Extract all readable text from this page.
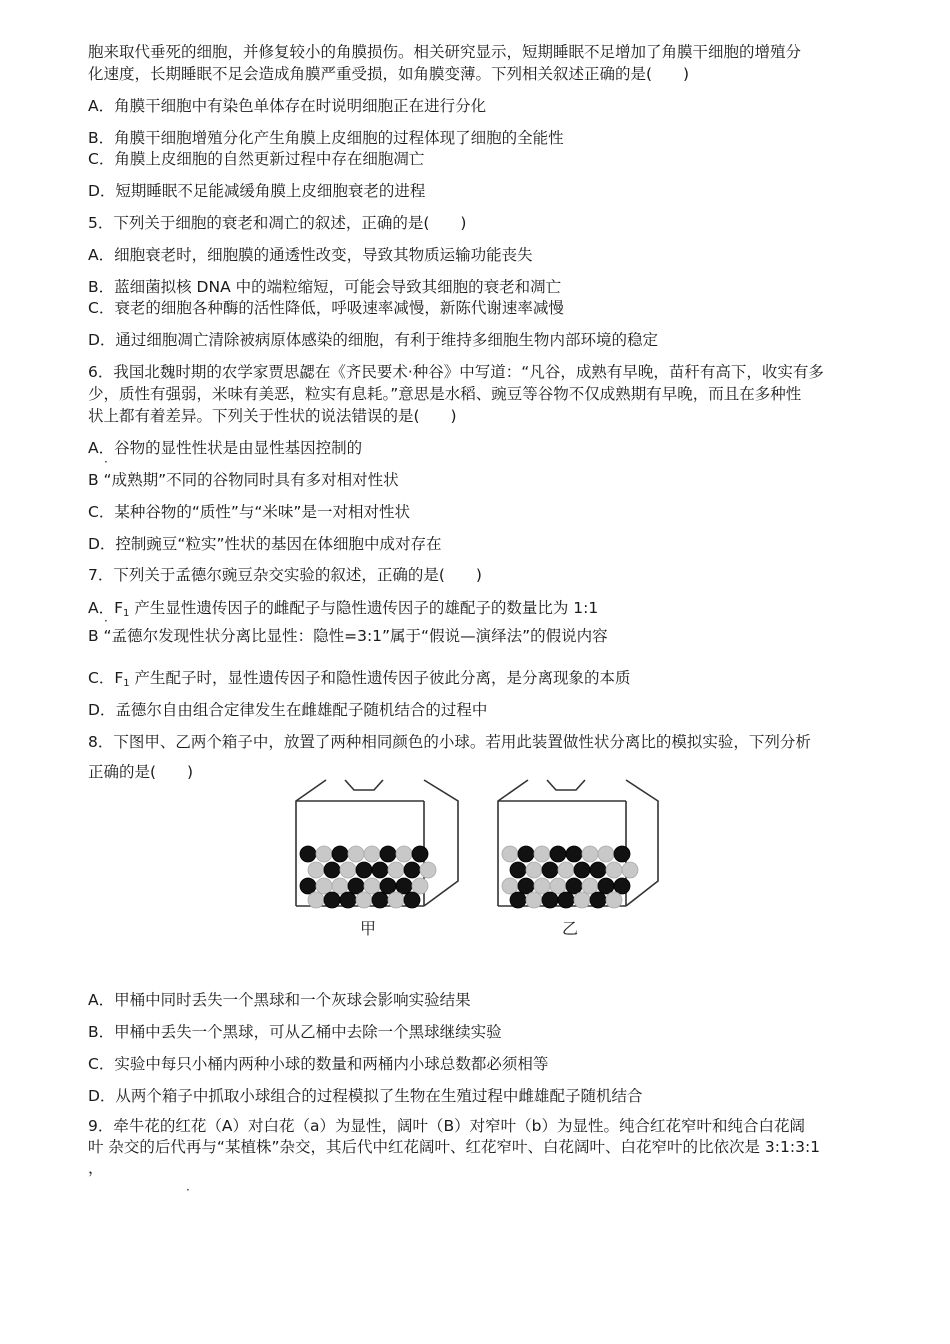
胞来取代垂死的细胞，并修复较小的角膜损伤。相关研究显示，短期睡眠不足增加了角膜干细胞的增殖分
化速度，长期睡眠不足会造成角膜严重受损，如角膜变薄。下列相关叙述正确的是(　　)
A．角膜干细胞中有染色单体存在时说明细胞正在进行分化
B．角膜干细胞增殖分化产生角膜上皮细胞的过程体现了细胞的全能性
C．角膜上皮细胞的自然更新过程中存在细胞凋亡
D．短期睡眠不足能减缓角膜上皮细胞衰老的进程
5．下列关于细胞的衰老和凋亡的叙述，正确的是(　　)
A．细胞衰老时，细胞膜的通透性改变，导致其物质运输功能丧失
B．蓝细菌拟核 DNA 中的端粒缩短，可能会导致其细胞的衰老和凋亡
C．衰老的细胞各种酶的活性降低，呼吸速率减慢，新陈代谢速率减慢
D．通过细胞凋亡清除被病原体感染的细胞，有利于维持多细胞生物内部环境的稳定
6．我国北魏时期的农学家贾思勰在《齐民要术·种谷》中写道：“凡谷，成熟有早晚，苗秆有高下，收实有多
少，质性有强弱，米味有美恶，粒实有息耗。”意思是水稻、豌豆等谷物不仅成熟期有早晚，而且在多种性
状上都有着差异。下列关于性状的说法错误的是(　　)
A．谷物的显性性状是由显性基因控制的
·
B “成熟期”不同的谷物同时具有多对相对性状
C．某种谷物的“质性”与“米味”是一对相对性状
D．控制豌豆“粒实”性状的基因在体细胞中成对存在
7．下列关于孟德尔豌豆杂交实验的叙述，正确的是(　　)
A．$F_1$ 产生显性遗传因子的雌配子与隐性遗传因子的雄配子的数量比为 1:1
·
B “孟德尔发现性状分离比显性：隐性=3:1”属于“假说—演绎法”的假说内容
C．$F_1$ 产生配子时，显性遗传因子和隐性遗传因子彼此分离，是分离现象的本质
D．孟德尔自由组合定律发生在雌雄配子随机结合的过程中
8．下图甲、乙两个箱子中，放置了两种相同颜色的小球。若用此装置做性状分离比的模拟实验，下列分析
正确的是(　　)
甲	乙
A．甲桶中同时丢失一个黑球和一个灰球会影响实验结果
B．甲桶中丢失一个黑球，可从乙桶中去除一个黑球继续实验
C．实验中每只小桶内两种小球的数量和两桶内小球总数都必须相等
D．从两个箱子中抓取小球组合的过程模拟了生物在生殖过程中雌雄配子随机结合
9．牵牛花的红花（A）对白花（a）为显性，阔叶（B）对窄叶（b）为显性。纯合红花窄叶和纯合白花阔
叶 杂交的后代再与“某植株”杂交，其后代中红花阔叶、红花窄叶、白花阔叶、白花窄叶的比依次是 3:1:3:1
，
·
